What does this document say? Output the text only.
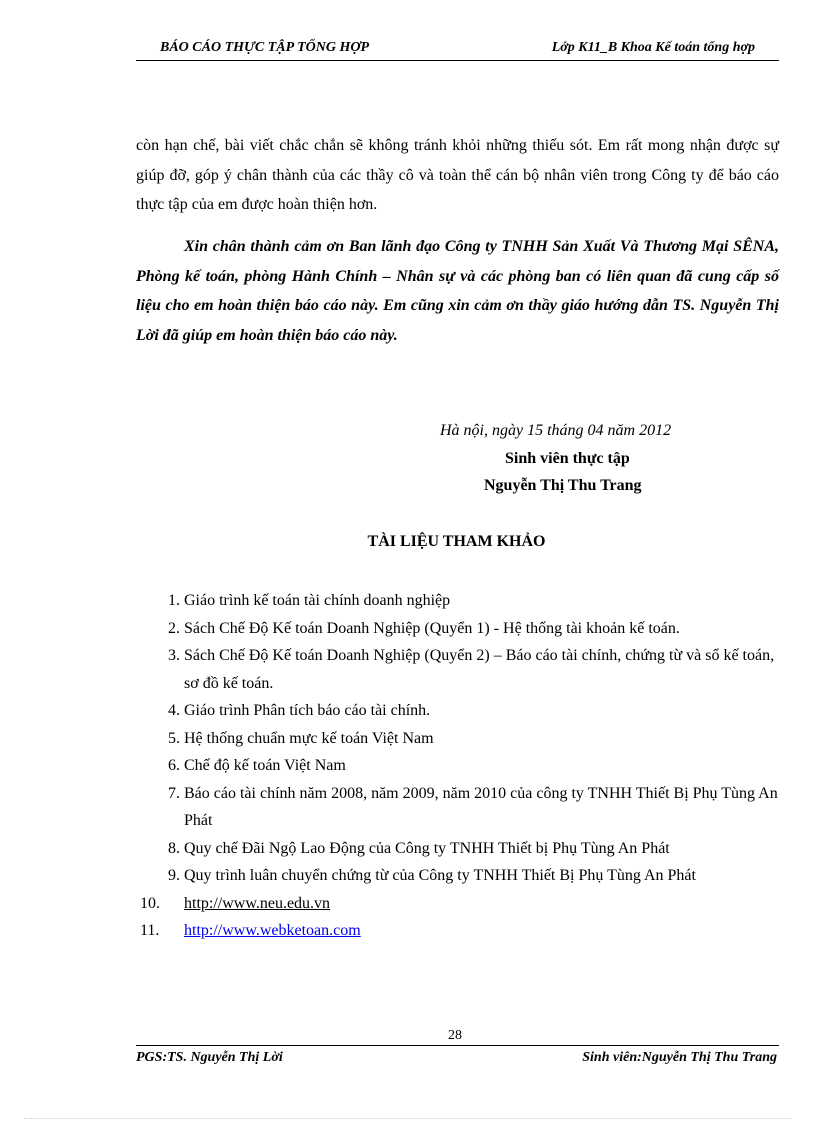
BÁO CÁO THỰC TẬP TỔNG HỢP	Lớp K11_B Khoa Kế toán tổng hợp

còn hạn chế, bài viết chắc chắn sẽ không tránh khỏi những thiếu sót. Em rất mong nhận được sự giúp đỡ, góp ý chân thành của các thầy cô và toàn thể cán bộ nhân viên trong Công ty để báo cáo thực tập của em được hoàn thiện hơn.

Xin chân thành cảm ơn Ban lãnh đạo Công ty TNHH Sản Xuất Và Thương Mại SÊNA, Phòng kế toán, phòng Hành Chính – Nhân sự và các phòng ban có liên quan đã cung cấp số liệu cho em hoàn thiện báo cáo này. Em cũng xin cảm ơn thầy giáo hướng dẫn TS. Nguyễn Thị Lời đã giúp em hoàn thiện báo cáo này.

Hà nội, ngày 15 tháng 04 năm 2012
Sinh viên thực tập
Nguyễn Thị Thu Trang
TÀI LIỆU THAM KHẢO
1. Giáo trình kế toán tài chính doanh nghiệp
2. Sách Chế Độ Kế toán Doanh Nghiệp (Quyển 1) - Hệ thống tài khoản kế toán.
3. Sách Chế Độ Kế toán Doanh Nghiệp (Quyển 2) – Báo cáo tài chính, chứng từ và sổ kế toán, sơ đồ kế toán.
4. Giáo trình Phân tích báo cáo tài chính.
5. Hệ thống chuẩn mực kế toán Việt Nam
6. Chế độ kế toán Việt Nam
7. Báo cáo tài chính năm 2008, năm 2009, năm 2010 của công ty TNHH Thiết Bị Phụ Tùng An Phát
8. Quy chế Đãi Ngộ Lao Động của Công ty TNHH Thiết bị Phụ Tùng An Phát
9. Quy trình luân chuyển chứng từ của Công ty TNHH Thiết Bị Phụ Tùng An Phát
10.	http://www.neu.edu.vn
11.	http://www.webketoan.com
28
PGS:TS. Nguyễn Thị Lời	Sinh viên:Nguyễn Thị Thu Trang
